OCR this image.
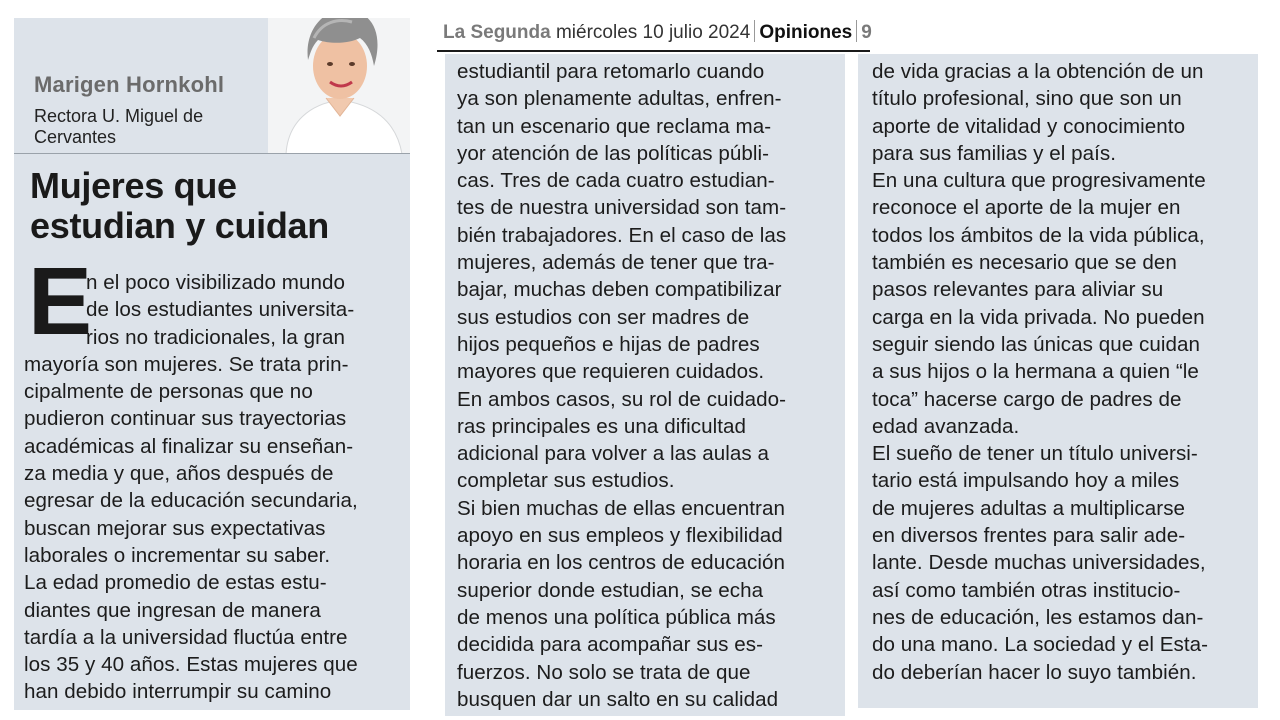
Marigen Hornkohl
Rectora U. Miguel de Cervantes
Mujeres que
estudian y cuidan
E

n el poco visibilizado mundo
de los estudiantes universita-
rios no tradicionales, la gran
mayoría son mujeres. Se trata prin-
cipalmente de personas que no
pudieron continuar sus trayectorias
académicas al finalizar su enseñan-
za media y que, años después de
egresar de la educación secundaria,
buscan mejorar sus expectativas
laborales o incrementar su saber.
La edad promedio de estas estu-
diantes que ingresan de manera
tardía a la universidad fluctúa entre
los 35 y 40 años. Estas mujeres que
han debido interrumpir su camino

La Segunda miércoles 10 julio 2024 Opiniones 9

estudiantil para retomarlo cuando
ya son plenamente adultas, enfren-
tan un escenario que reclama ma-
yor atención de las políticas públi-
cas. Tres de cada cuatro estudian-
tes de nuestra universidad son tam-
bién trabajadores. En el caso de las
mujeres, además de tener que tra-
bajar, muchas deben compatibilizar
sus estudios con ser madres de
hijos pequeños e hijas de padres
mayores que requieren cuidados.
En ambos casos, su rol de cuidado-
ras principales es una dificultad
adicional para volver a las aulas a
completar sus estudios.
Si bien muchas de ellas encuentran
apoyo en sus empleos y flexibilidad
horaria en los centros de educación
superior donde estudian, se echa
de menos una política pública más
decidida para acompañar sus es-
fuerzos. No solo se trata de que
busquen dar un salto en su calidad

de vida gracias a la obtención de un
título profesional, sino que son un
aporte de vitalidad y conocimiento
para sus familias y el país.
En una cultura que progresivamente
reconoce el aporte de la mujer en
todos los ámbitos de la vida pública,
también es necesario que se den
pasos relevantes para aliviar su
carga en la vida privada. No pueden
seguir siendo las únicas que cuidan
a sus hijos o la hermana a quien “le
toca” hacerse cargo de padres de
edad avanzada.
El sueño de tener un título universi-
tario está impulsando hoy a miles
de mujeres adultas a multiplicarse
en diversos frentes para salir ade-
lante. Desde muchas universidades,
así como también otras institucio-
nes de educación, les estamos dan-
do una mano. La sociedad y el Esta-
do deberían hacer lo suyo también.
